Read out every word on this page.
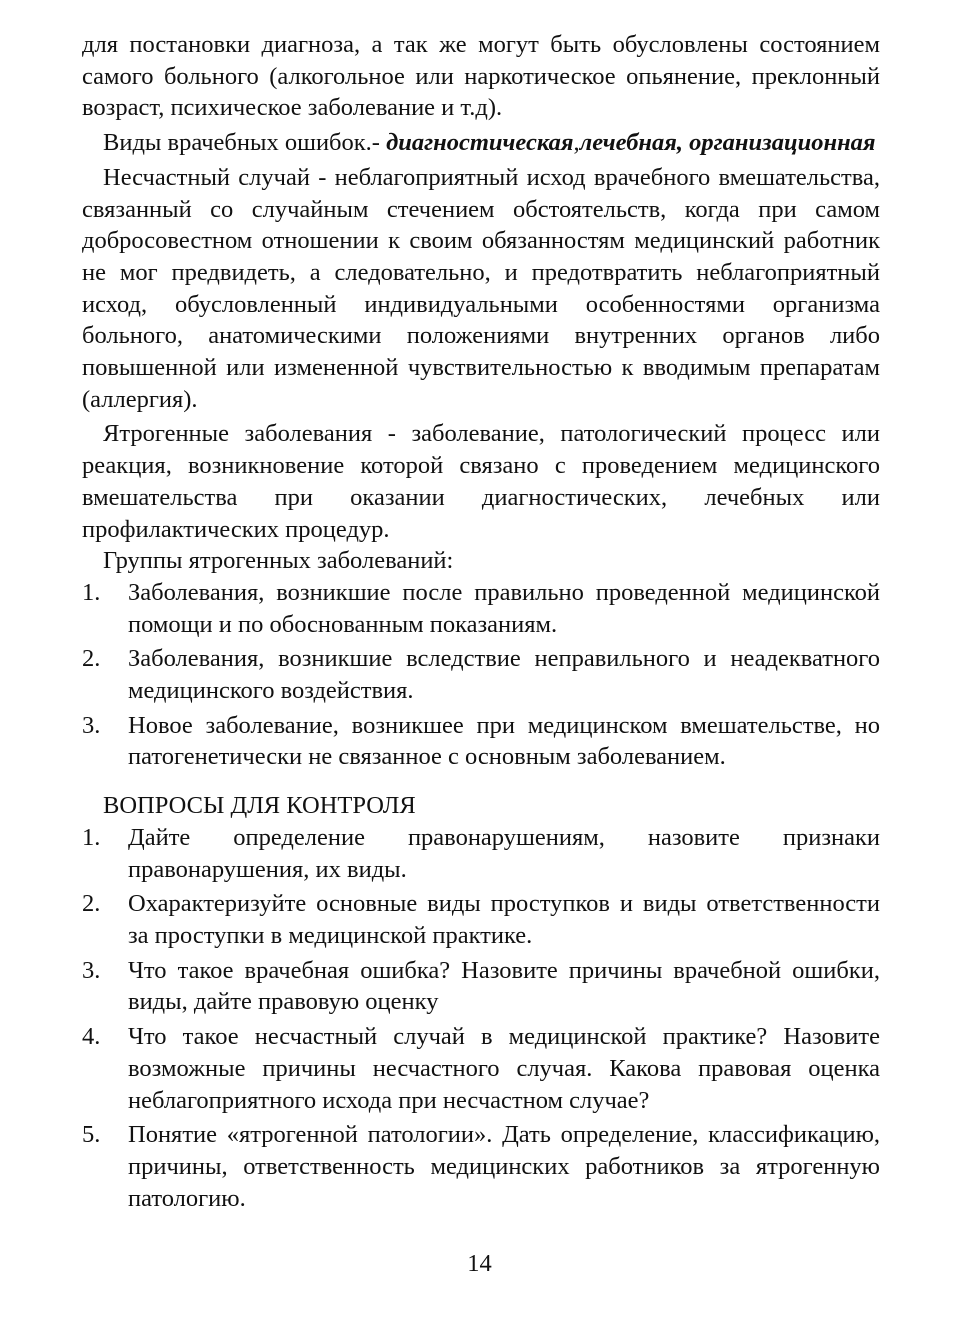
для постановки диагноза, а так же могут быть обусловлены состоянием самого больного (алкогольное или наркотическое опьянение, преклонный возраст, психическое заболевание и т.д).

Виды врачебных ошибок.- диагностическая,лечебная, организационная

Несчастный случай - неблагоприятный исход врачебного вмешательства, связанный со случайным стечением обстоятельств, когда при самом добросовестном отношении к своим обязанностям медицинский работник не мог предвидеть, а следовательно, и предотвратить неблагоприятный исход, обусловленный индивидуальными особенностями организма больного, анатомическими положениями внутренних органов либо повышенной или измененной чувствительностью к вводимым препаратам (аллергия).

Ятрогенные заболевания - заболевание, патологический процесс или реакция, возникновение которой связано с проведением медицинского вмешательства при оказании диагностических, лечебных или профилактических процедур.

Группы ятрогенных заболеваний:

1. Заболевания, возникшие после правильно проведенной медицинской помощи и по обоснованным показаниям.
2. Заболевания, возникшие вследствие неправильного и неадекватного медицинского воздействия.
3. Новое заболевание, возникшее при медицинском вмешательстве, но патогенетически не связанное с основным заболеванием.

ВОПРОСЫ ДЛЯ КОНТРОЛЯ

1. Дайте определение правонарушениям, назовите признаки правонарушения, их виды.
2. Охарактеризуйте основные виды проступков и виды ответственности за проступки в медицинской практике.
3. Что такое врачебная ошибка? Назовите причины врачебной ошибки, виды, дайте правовую оценку
4. Что такое несчастный случай в медицинской практике? Назовите возможные причины несчастного случая. Какова правовая оценка неблагоприятного исхода при несчастном случае?
5. Понятие «ятрогенной патологии». Дать определение, классификацию, причины, ответственность медицинских работников за ятрогенную патологию.
14
